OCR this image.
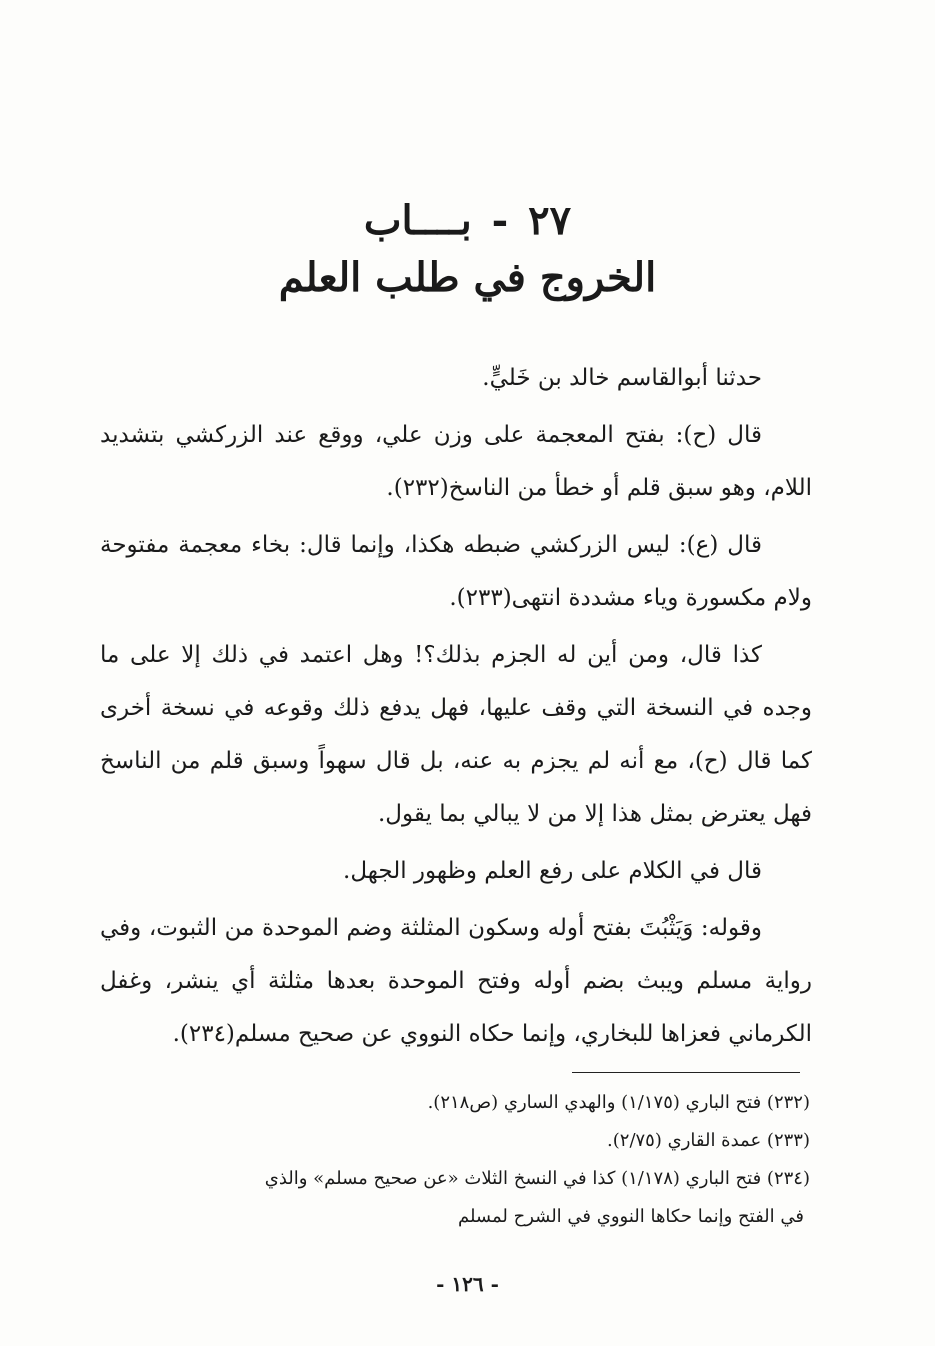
٢٧ - بــــاب
الخروج في طلب العلم

حدثنا أبوالقاسم خالد بن خَليٍّ.

قال (ح): بفتح المعجمة على وزن علي، ووقع عند الزركشي بتشديد اللام، وهو سبق قلم أو خطأ من الناسخ(٢٣٢).

قال (ع): ليس الزركشي ضبطه هكذا، وإنما قال: بخاء معجمة مفتوحة ولام مكسورة وياء مشددة انتهى(٢٣٣).

كذا قال، ومن أين له الجزم بذلك؟! وهل اعتمد في ذلك إلا على ما وجده في النسخة التي وقف عليها، فهل يدفع ذلك وقوعه في نسخة أخرى كما قال (ح)، مع أنه لم يجزم به عنه، بل قال سهواً وسبق قلم من الناسخ فهل يعترض بمثل هذا إلا من لا يبالي بما يقول.

قال في الكلام على رفع العلم وظهور الجهل.

وقوله: وَيَثْبُتَ بفتح أوله وسكون المثلثة وضم الموحدة من الثبوت، وفي رواية مسلم ويبث بضم أوله وفتح الموحدة بعدها مثلثة أي ينشر، وغفل الكرماني فعزاها للبخاري، وإنما حكاه النووي عن صحيح مسلم(٢٣٤).

(٢٣٢) فتح الباري (١/١٧٥) والهدي الساري (ص٢١٨).

(٢٣٣) عمدة القاري (٢/٧٥).

(٢٣٤) فتح الباري (١/١٧٨) كذا في النسخ الثلاث «عن صحيح مسلم» والذي

في الفتح وإنما حكاها النووي في الشرح لمسلم

- ١٢٦ -
